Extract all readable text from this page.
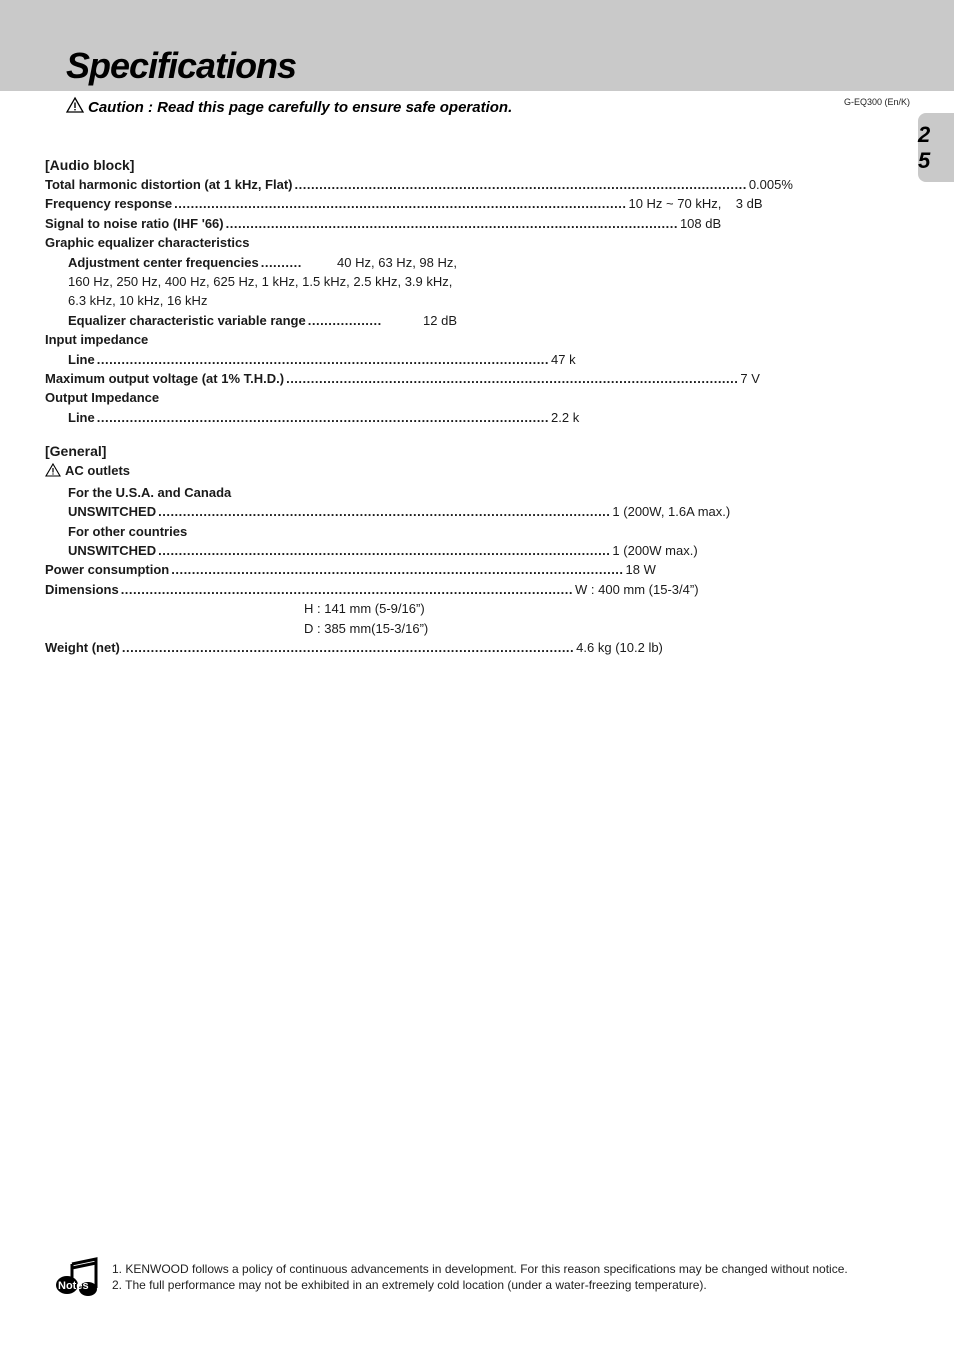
Specifications
Caution : Read this page carefully to ensure safe operation.	G-EQ300 (En/K)
2 5
[Audio block]
Total harmonic distortion (at 1 kHz, Flat) .............................................................................................................. 0.005%
Frequency response .............................................................................................................. 10 Hz ~ 70 kHz,    3 dB
Signal to noise ratio (IHF '66) .............................................................................................................. 108 dB
Graphic equalizer characteristics
Adjustment center frequencies ..........	40 Hz, 63 Hz, 98 Hz,
160 Hz, 250 Hz, 400 Hz, 625 Hz, 1 kHz, 1.5 kHz, 2.5 kHz, 3.9 kHz, 6.3 kHz, 10 kHz, 16 kHz
Equalizer characteristic variable range ..................	12 dB
Input impedance
Line .............................................................................................................. 47 k
Maximum output voltage (at 1% T.H.D.) .............................................................................................................. 7 V
Output Impedance
Line .............................................................................................................. 2.2 k
[General]
AC outlets
For the U.S.A. and Canada
UNSWITCHED .............................................................................................................. 1 (200W, 1.6A max.)
For other countries
UNSWITCHED .............................................................................................................. 1 (200W max.)
Power consumption .............................................................................................................. 18 W
Dimensions .............................................................................................................. W : 400 mm (15-3/4”)
H : 141 mm (5-9/16”)
D : 385 mm(15-3/16”)
Weight (net) .............................................................................................................. 4.6 kg (10.2 lb)
Notes
1. KENWOOD follows a policy of continuous advancements in development. For this reason specifications may be changed without notice.
2. The full performance may not be exhibited in an extremely cold location (under a water-freezing temperature).
